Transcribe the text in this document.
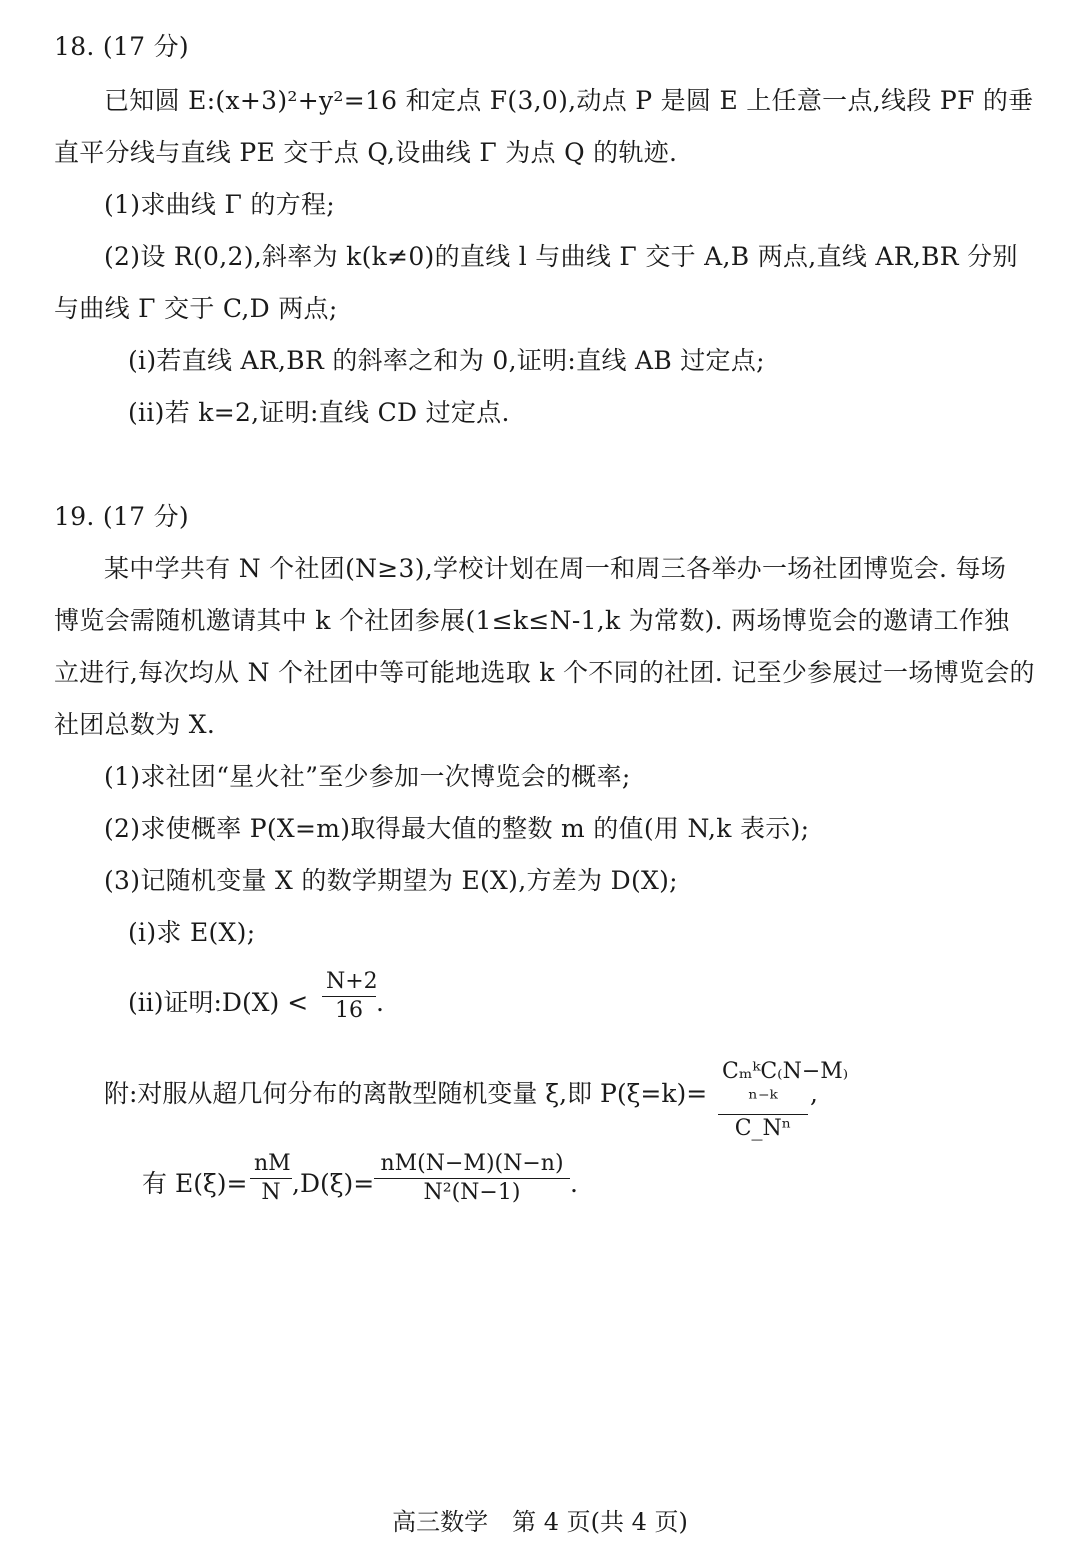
18. (17 分)
已知圆 E:(x+3)²+y²=16 和定点 F(3,0),动点 P 是圆 E 上任意一点,线段 PF 的垂
直平分线与直线 PE 交于点 Q,设曲线 Γ 为点 Q 的轨迹.
(1)求曲线 Γ 的方程;
(2)设 R(0,2),斜率为 k(k≠0)的直线 l 与曲线 Γ 交于 A,B 两点,直线 AR,BR 分别
与曲线 Γ 交于 C,D 两点;
(i)若直线 AR,BR 的斜率之和为 0,证明:直线 AB 过定点;
(ii)若 k=2,证明:直线 CD 过定点.
19. (17 分)
某中学共有 N 个社团(N≥3),学校计划在周一和周三各举办一场社团博览会. 每场
博览会需随机邀请其中 k 个社团参展(1≤k≤N-1,k 为常数). 两场博览会的邀请工作独
立进行,每次均从 N 个社团中等可能地选取 k 个不同的社团. 记至少参展过一场博览会的
社团总数为 X.
(1)求社团“星火社”至少参加一次博览会的概率;
(2)求使概率 P(X=m)取得最大值的整数 m 的值(用 N,k 表示);
(3)记随机变量 X 的数学期望为 E(X),方差为 D(X);
(i)求 E(X);
(ii)证明:D(X) <
N+2
16 .
附:对服从超几何分布的离散型随机变量 ξ,即 P(ξ=k)=
CₘᵏC₍N−M₎ⁿ⁻ᵏ
C_Nⁿ
,
有 E(ξ)=
nM
N ,D(ξ)=
nM(N−M)(N−n)
N²(N−1)	.
高三数学　第 4 页(共 4 页)
